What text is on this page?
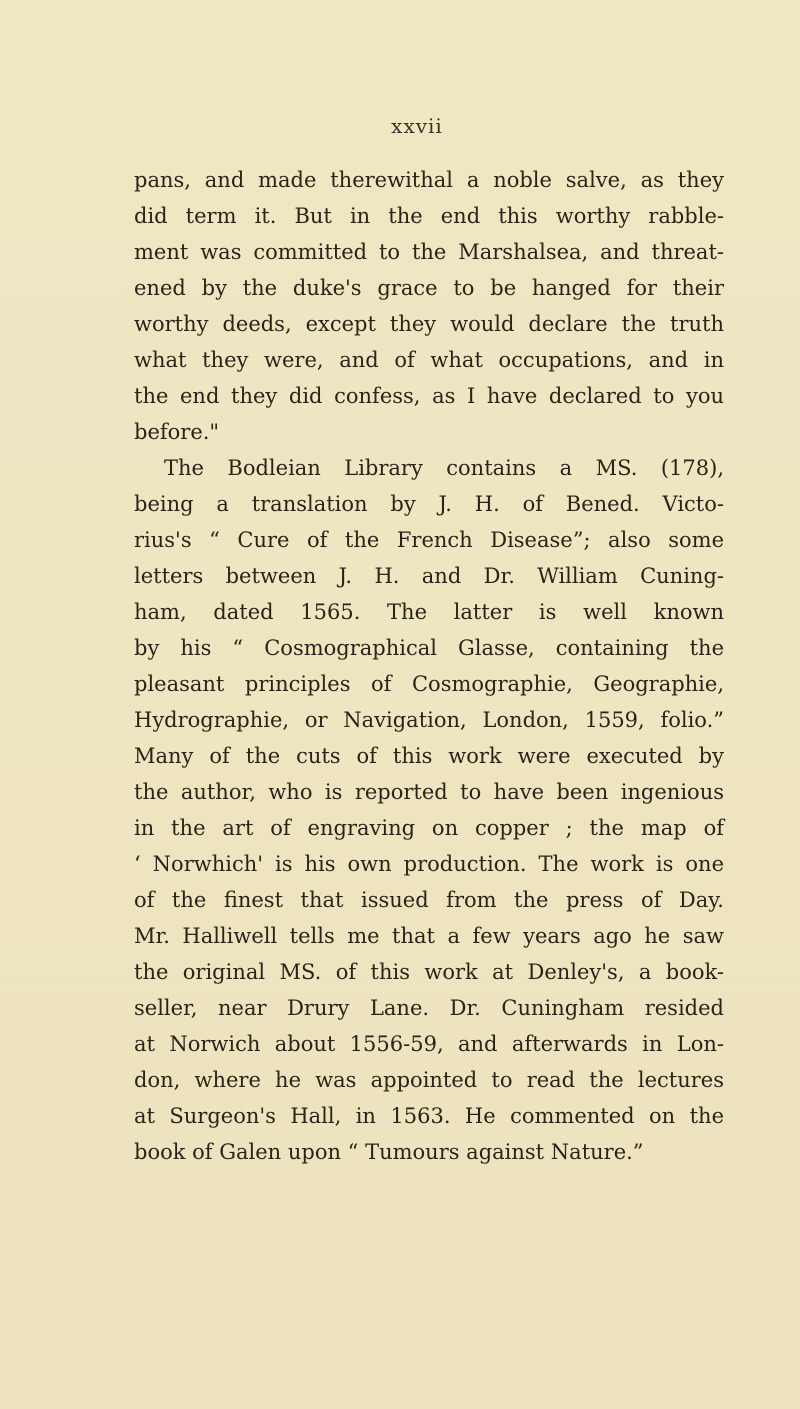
xxvii
pans, and made therewithal a noble salve, as they
did term it. But in the end this worthy rabble-
ment was committed to the Marshalsea, and threat-
ened by the duke's grace to be hanged for their
worthy deeds, except they would declare the truth
what they were, and of what occupations, and in
the end they did confess, as I have declared to you
before."
The Bodleian Library contains a MS. (178),
being a translation by J. H. of Bened. Victo-
rius's “ Cure of the French Disease”; also some
letters between J. H. and Dr. William Cuning-
ham, dated 1565. The latter is well known
by his “ Cosmographical Glasse, containing the
pleasant principles of Cosmographie, Geographie,
Hydrographie, or Navigation, London, 1559, folio.”
Many of the cuts of this work were executed by
the author, who is reported to have been ingenious
in the art of engraving on copper ; the map of
‘ Norwhich' is his own production. The work is one
of the finest that issued from the press of Day.
Mr. Halliwell tells me that a few years ago he saw
the original MS. of this work at Denley's, a book-
seller, near Drury Lane. Dr. Cuningham resided
at Norwich about 1556-59, and afterwards in Lon-
don, where he was appointed to read the lectures
at Surgeon's Hall, in 1563. He commented on the
book of Galen upon “ Tumours against Nature.”
